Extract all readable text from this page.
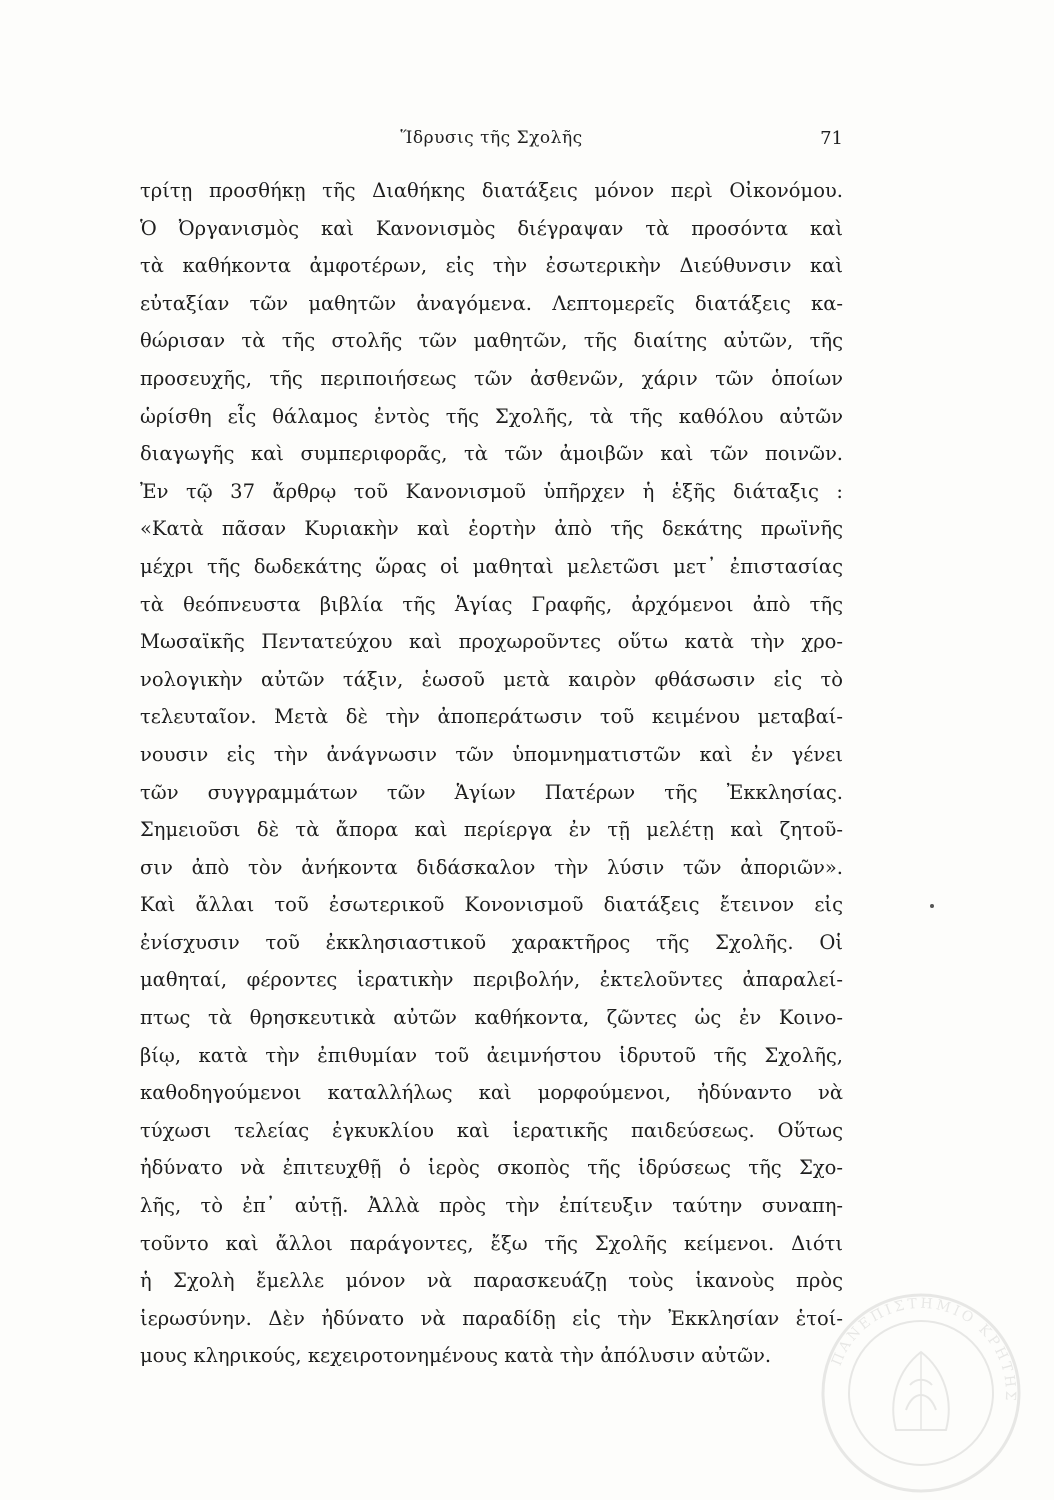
Ἵδρυσις τῆς Σχολῆς	71
τρίτῃ προσθήκῃ τῆς Διαθήκης διατάξεις μόνον περὶ Οἰκονόμου.
Ὁ Ὀργανισμὸς καὶ Κανονισμὸς διέγραψαν τὰ προσόντα καὶ
τὰ καθήκοντα ἀμφοτέρων, εἰς τὴν ἐσωτερικὴν Διεύθυνσιν καὶ
εὐταξίαν τῶν μαθητῶν ἀναγόμενα. Λεπτομερεῖς διατάξεις κα-
θώρισαν τὰ τῆς στολῆς τῶν μαθητῶν, τῆς διαίτης αὐτῶν, τῆς
προσευχῆς, τῆς περιποιήσεως τῶν ἀσθενῶν, χάριν τῶν ὁποίων
ὡρίσθη εἷς θάλαμος ἐντὸς τῆς Σχολῆς, τὰ τῆς καθόλου αὐτῶν
διαγωγῆς καὶ συμπεριφορᾶς, τὰ τῶν ἀμοιβῶν καὶ τῶν ποινῶν.
Ἐν τῷ 37 ἄρθρῳ τοῦ Κανονισμοῦ ὑπῆρχεν ἡ ἑξῆς διάταξις :
«Κατὰ πᾶσαν Κυριακὴν καὶ ἑορτὴν ἀπὸ τῆς δεκάτης πρωϊνῆς
μέχρι τῆς δωδεκάτης ὥρας οἱ μαθηταὶ μελετῶσι μετ᾽ ἐπιστασίας
τὰ θεόπνευστα βιβλία τῆς Ἁγίας Γραφῆς, ἀρχόμενοι ἀπὸ τῆς
Μωσαϊκῆς Πεντατεύχου καὶ προχωροῦντες οὕτω κατὰ τὴν χρο-
νολογικὴν αὐτῶν τάξιν, ἑωσοῦ μετὰ καιρὸν φθάσωσιν εἰς τὸ
τελευταῖον. Μετὰ δὲ τὴν ἀποπεράτωσιν τοῦ κειμένου μεταβαί-
νουσιν εἰς τὴν ἀνάγνωσιν τῶν ὑπομνηματιστῶν καὶ ἐν γένει
τῶν συγγραμμάτων τῶν Ἁγίων Πατέρων τῆς Ἐκκλησίας.
Σημειοῦσι δὲ τὰ ἄπορα καὶ περίεργα ἐν τῇ μελέτῃ καὶ ζητοῦ-
σιν ἀπὸ τὸν ἀνήκοντα διδάσκαλον τὴν λύσιν τῶν ἀποριῶν».
Καὶ ἄλλαι τοῦ ἐσωτερικοῦ Κονονισμοῦ διατάξεις ἔτεινον εἰς
ἐνίσχυσιν τοῦ ἐκκλησιαστικοῦ χαρακτῆρος τῆς Σχολῆς. Οἱ
μαθηταί, φέροντες ἱερατικὴν περιβολήν, ἐκτελοῦντες ἀπαραλεί-
πτως τὰ θρησκευτικὰ αὐτῶν καθήκοντα, ζῶντες ὡς ἐν Κοινο-
βίῳ, κατὰ τὴν ἐπιθυμίαν τοῦ ἀειμνήστου ἱδρυτοῦ τῆς Σχολῆς,
καθοδηγούμενοι καταλλήλως καὶ μορφούμενοι, ἠδύναντο νὰ
τύχωσι τελείας ἐγκυκλίου καὶ ἱερατικῆς παιδεύσεως. Οὕτως
ἠδύνατο νὰ ἐπιτευχθῇ ὁ ἱερὸς σκοπὸς τῆς ἱδρύσεως τῆς Σχο-
λῆς, τὸ ἐπ᾽ αὐτῇ. Ἀλλὰ πρὸς τὴν ἐπίτευξιν ταύτην συναπη-
τοῦντο καὶ ἄλλοι παράγοντες, ἔξω τῆς Σχολῆς κείμενοι. Διότι
ἡ Σχολὴ ἔμελλε μόνον νὰ παρασκευάζῃ τοὺς ἱκανοὺς πρὸς
ἱερωσύνην. Δὲν ἠδύνατο νὰ παραδίδῃ εἰς τὴν Ἐκκλησίαν ἑτοί-
μους κληρικούς, κεχειροτονημένους κατὰ τὴν ἀπόλυσιν αὐτῶν.	ΠΑΝΕΠΙΣΤΗΜΙΟ ΚΡΗΤΗΣ
